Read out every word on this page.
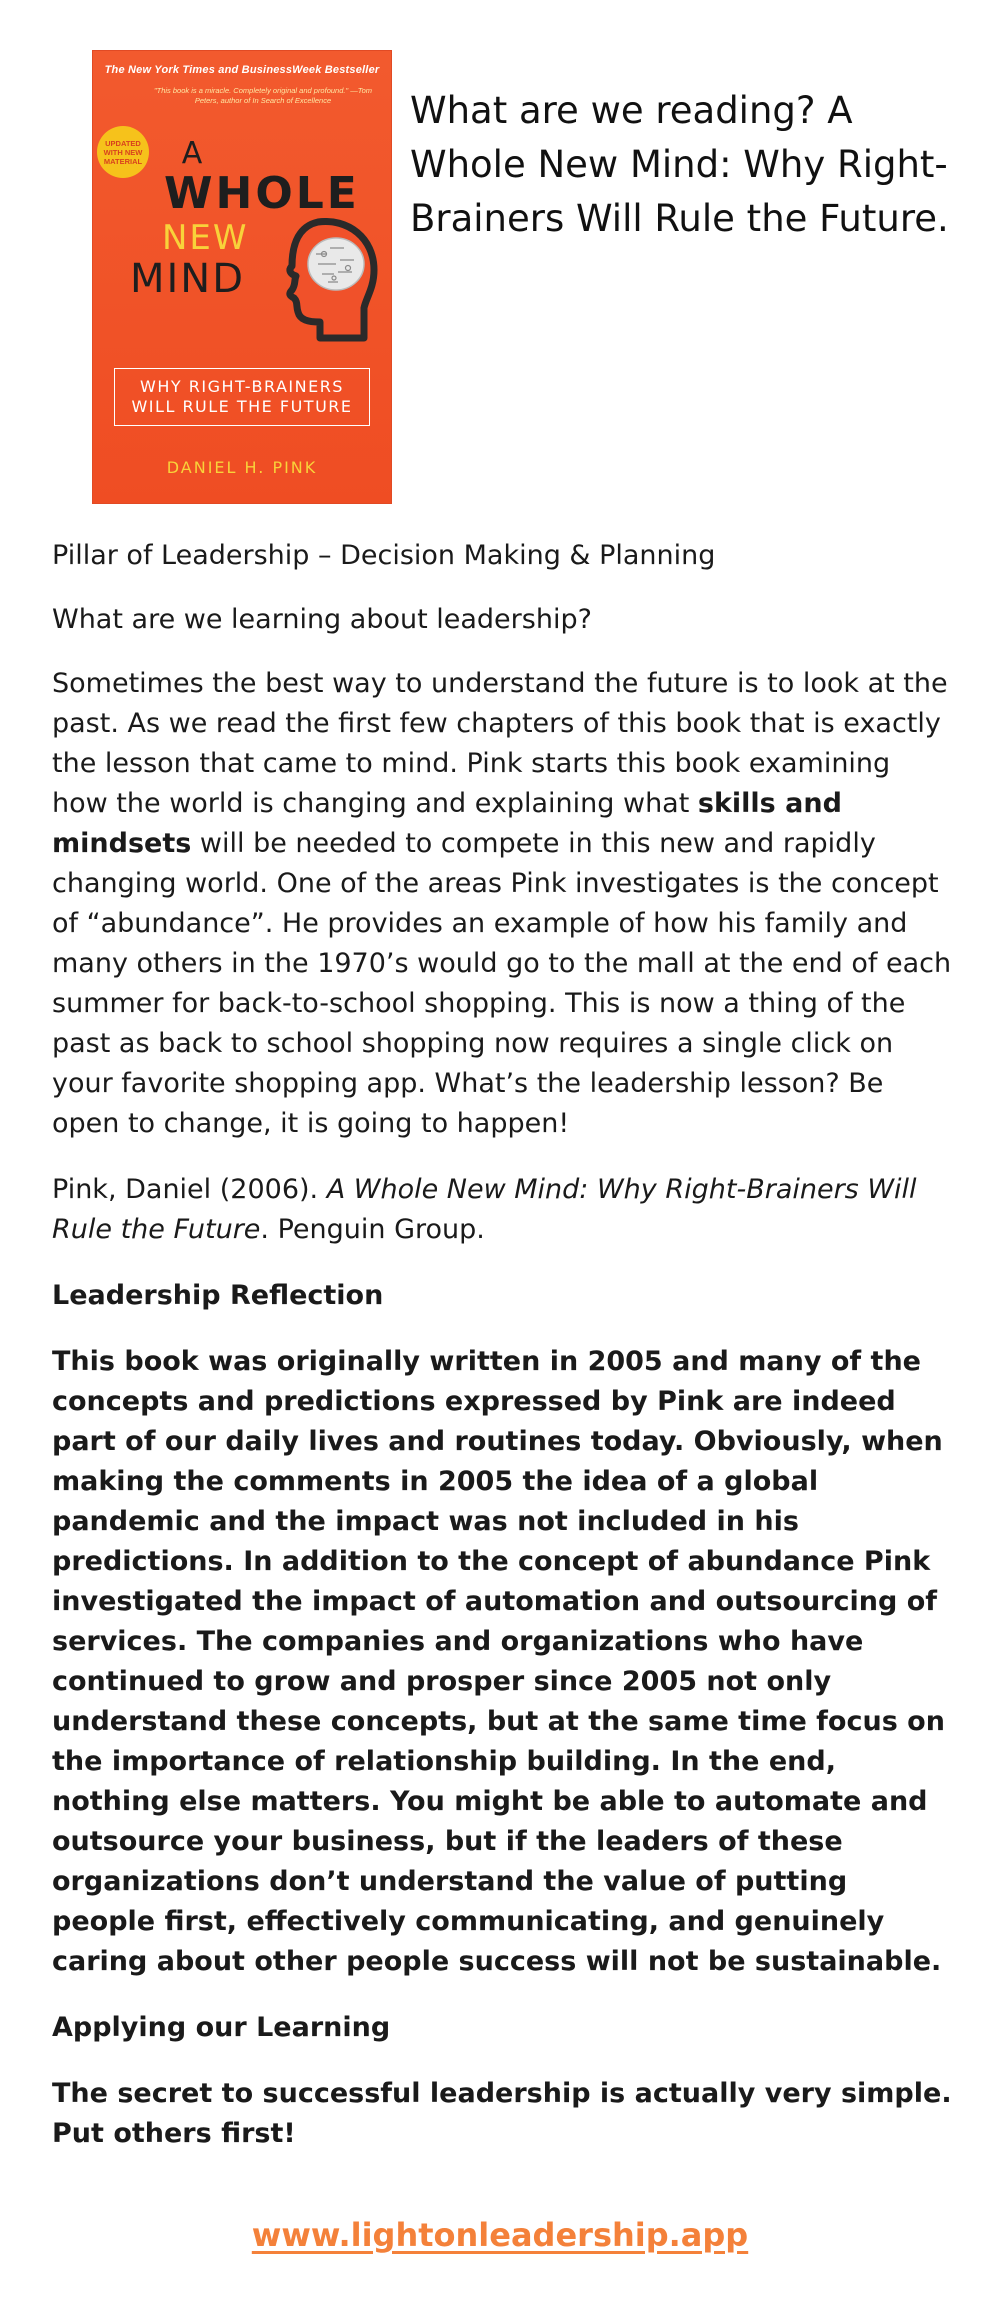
The New York Times and BusinessWeek Bestseller
"This book is a miracle. Completely original and profound." —Tom Peters, author of In Search of Excellence
UPDATED
WITH NEW
MATERIAL	A
WHOLE
NEW
MIND
WHY RIGHT-BRAINERS
WILL RULE THE FUTURE
DANIEL H. PINK
What are we reading? A Whole New Mind: Why Right-Brainers Will Rule the Future.

Pillar of Leadership – Decision Making & Planning

What are we learning about leadership?

Sometimes the best way to understand the future is to look at the past. As we read the first few chapters of this book that is exactly the lesson that came to mind. Pink starts this book examining how the world is changing and explaining what skills and mindsets will be needed to compete in this new and rapidly changing world. One of the areas Pink investigates is the concept of “abundance”. He provides an example of how his family and many others in the 1970’s would go to the mall at the end of each summer for back-to-school shopping. This is now a thing of the past as back to school shopping now requires a single click on your favorite shopping app. What’s the leadership lesson? Be open to change, it is going to happen!

Pink, Daniel (2006). A Whole New Mind: Why Right-Brainers Will Rule the Future. Penguin Group.

Leadership Reflection

This book was originally written in 2005 and many of the concepts and predictions expressed by Pink are indeed part of our daily lives and routines today. Obviously, when making the comments in 2005 the idea of a global pandemic and the impact was not included in his predictions. In addition to the concept of abundance Pink investigated the impact of automation and outsourcing of services. The companies and organizations who have continued to grow and prosper since 2005 not only understand these concepts, but at the same time focus on the importance of relationship building. In the end, nothing else matters. You might be able to automate and outsource your business, but if the leaders of these organizations don’t understand the value of putting people first, effectively communicating, and genuinely caring about other people success will not be sustainable.

Applying our Learning

The secret to successful leadership is actually very simple. Put others first!

www.lightonleadership.app
